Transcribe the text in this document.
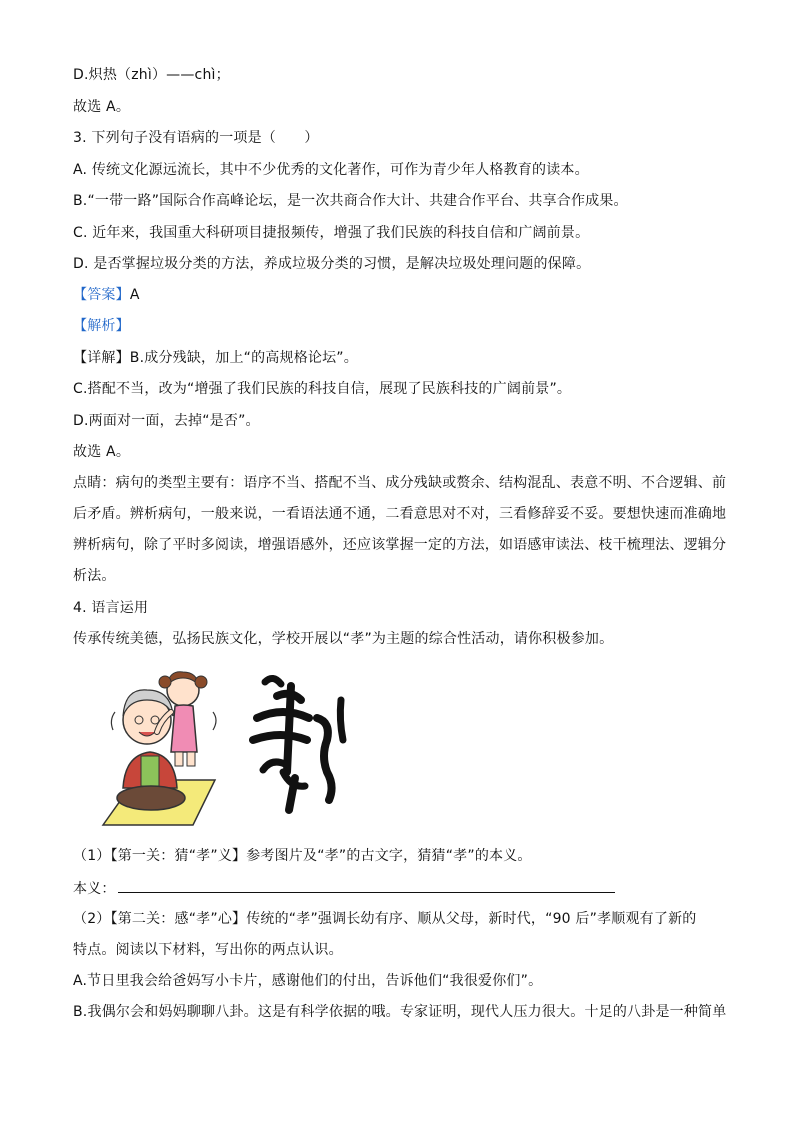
D.炽热（zhì）——chì；
故选 A。
3. 下列句子没有语病的一项是（　　）
A. 传统文化源远流长，其中不少优秀的文化著作，可作为青少年人格教育的读本。
B.“一带一路”国际合作高峰论坛，是一次共商合作大计、共建合作平台、共享合作成果。
C. 近年来，我国重大科研项目捷报频传，增强了我们民族的科技自信和广阔前景。
D. 是否掌握垃圾分类的方法，养成垃圾分类的习惯，是解决垃圾处理问题的保障。
【答案】A
【解析】
【详解】B.成分残缺，加上“的高规格论坛”。
C.搭配不当，改为“增强了我们民族的科技自信，展现了民族科技的广阔前景”。
D.两面对一面，去掉“是否”。
故选 A。
点睛：病句的类型主要有：语序不当、搭配不当、成分残缺或赘余、结构混乱、表意不明、不合逻辑、前
后矛盾。辨析病句，一般来说，一看语法通不通，二看意思对不对，三看修辞妥不妥。要想快速而准确地
辨析病句，除了平时多阅读，增强语感外，还应该掌握一定的方法，如语感审读法、枝干梳理法、逻辑分
析法。
4. 语言运用
传承传统美德，弘扬民族文化，学校开展以“孝”为主题的综合性活动，请你积极参加。
（1）【第一关：猜“孝”义】参考图片及“孝”的古文字，猜猜“孝”的本义。
本义：
（2）【第二关：感“孝”心】传统的“孝”强调长幼有序、顺从父母，新时代，“90 后”孝顺观有了新的
特点。阅读以下材料，写出你的两点认识。
A.节日里我会给爸妈写小卡片，感谢他们的付出，告诉他们“我很爱你们”。
B.我偶尔会和妈妈聊聊八卦。这是有科学依据的哦。专家证明，现代人压力很大。十足的八卦是一种简单
